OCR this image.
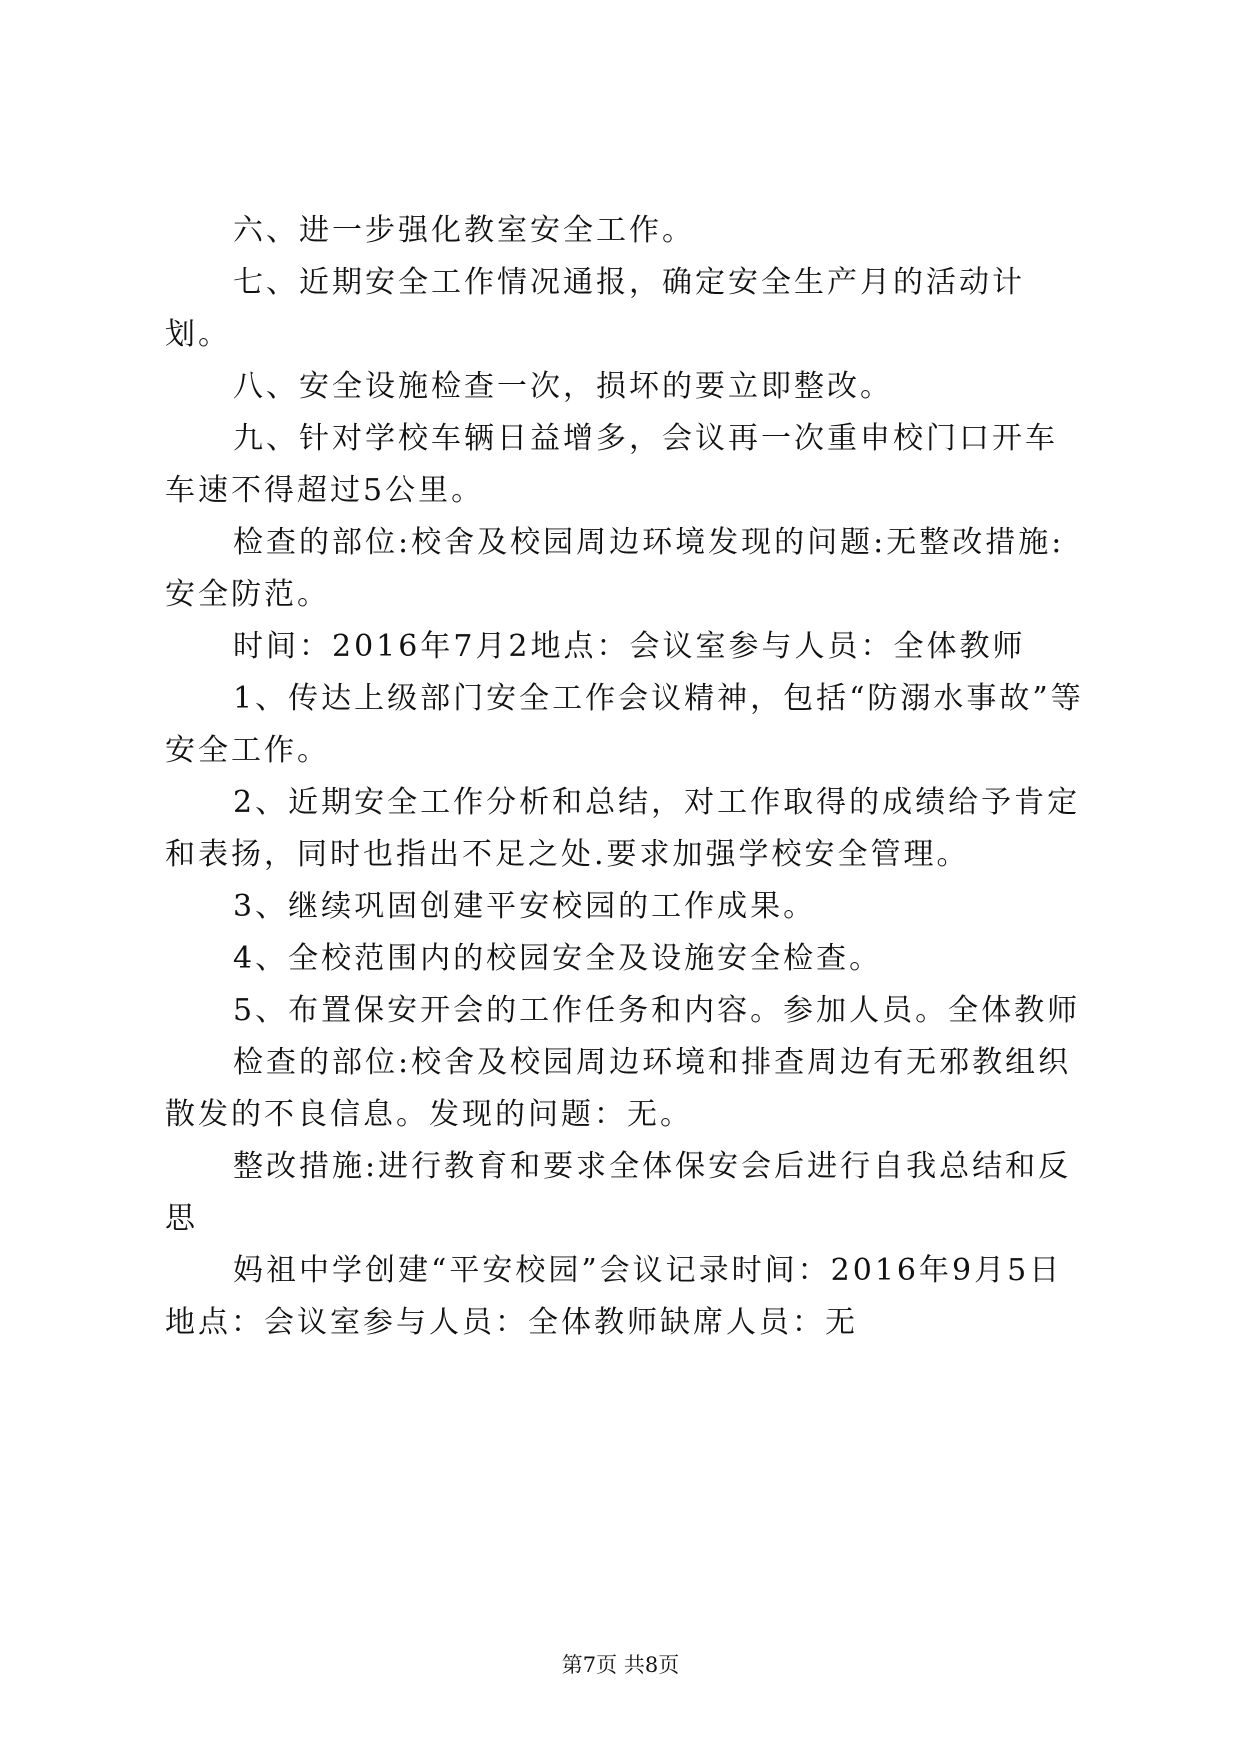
六、进一步强化教室安全工作。

七、近期安全工作情况通报，确定安全生产月的活动计划。

八、安全设施检查一次，损坏的要立即整改。

九、针对学校车辆日益增多，会议再一次重申校门口开车车速不得超过5公里。

检查的部位:校舍及校园周边环境发现的问题:无整改措施:安全防范。

时间：2016年7月2地点：会议室参与人员：全体教师

1、传达上级部门安全工作会议精神，包括“防溺水事故”等安全工作。

2、近期安全工作分析和总结，对工作取得的成绩给予肯定和表扬，同时也指出不足之处.要求加强学校安全管理。

3、继续巩固创建平安校园的工作成果。

4、全校范围内的校园安全及设施安全检查。

5、布置保安开会的工作任务和内容。参加人员。全体教师

检查的部位:校舍及校园周边环境和排查周边有无邪教组织散发的不良信息。发现的问题：无。

整改措施:进行教育和要求全体保安会后进行自我总结和反思

妈祖中学创建“平安校园”会议记录时间：2016年9月5日地点：会议室参与人员：全体教师缺席人员：无

第7页 共8页
